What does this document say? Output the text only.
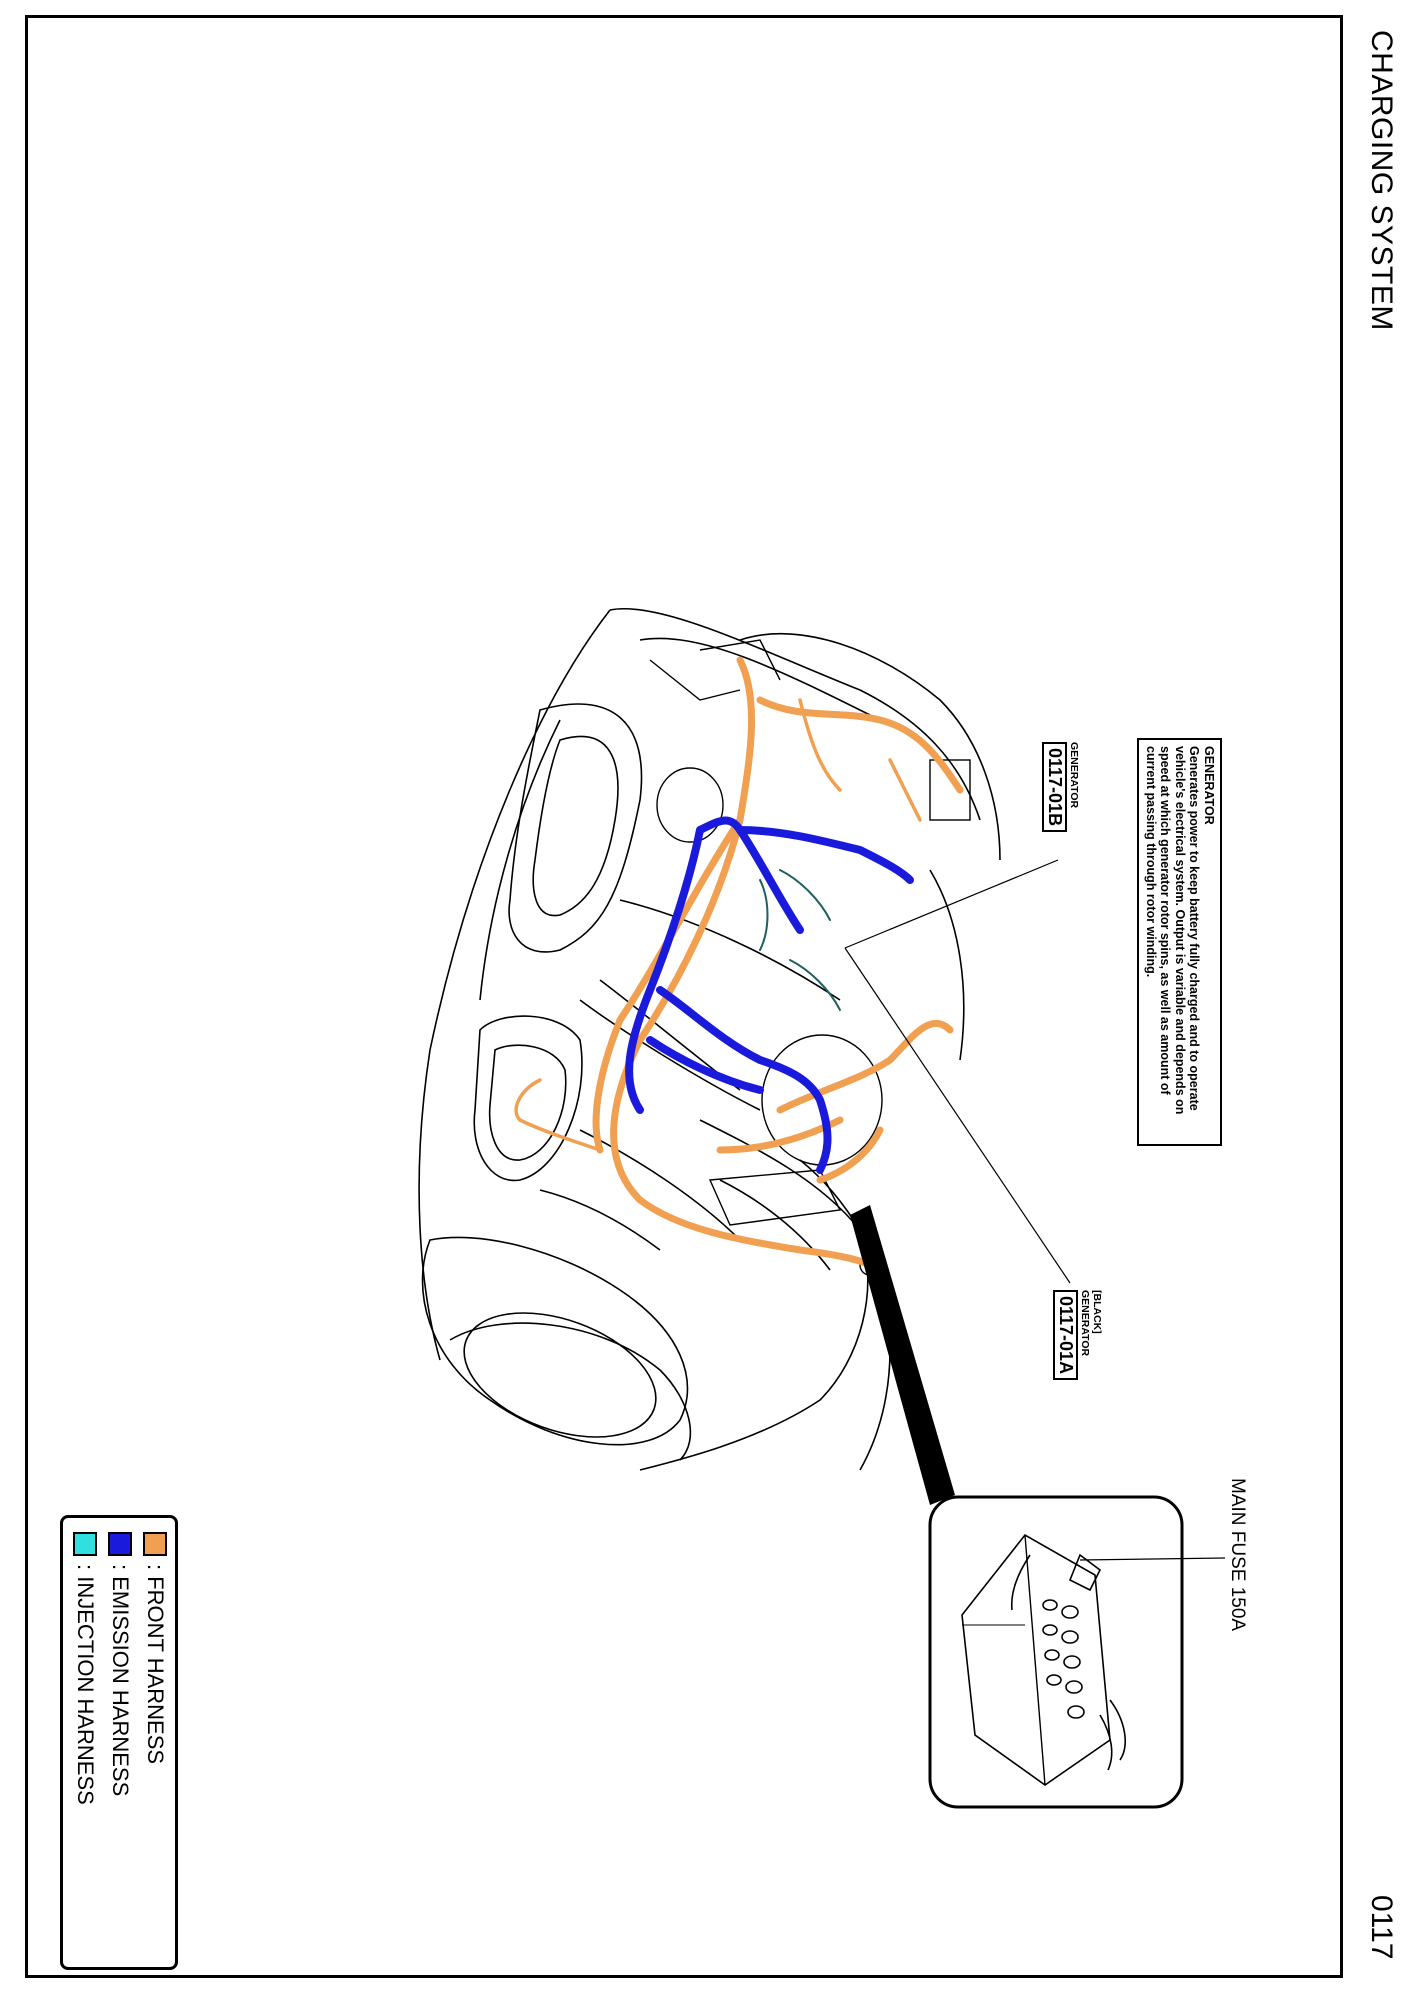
CHARGING SYSTEM
0117
GENERATOR
Generates power to keep battery fully charged and to operate vehicle's electrical system. Output is variable and depends on speed at which generator rotor spins, as well as amount of current passing through rotor winding.
GENERATOR
0117-01B
[BLACK] GENERATOR
0117-01A
MAIN FUSE 150A
: FRONT HARNESS
: EMISSION HARNESS
: INJECTION HARNESS
